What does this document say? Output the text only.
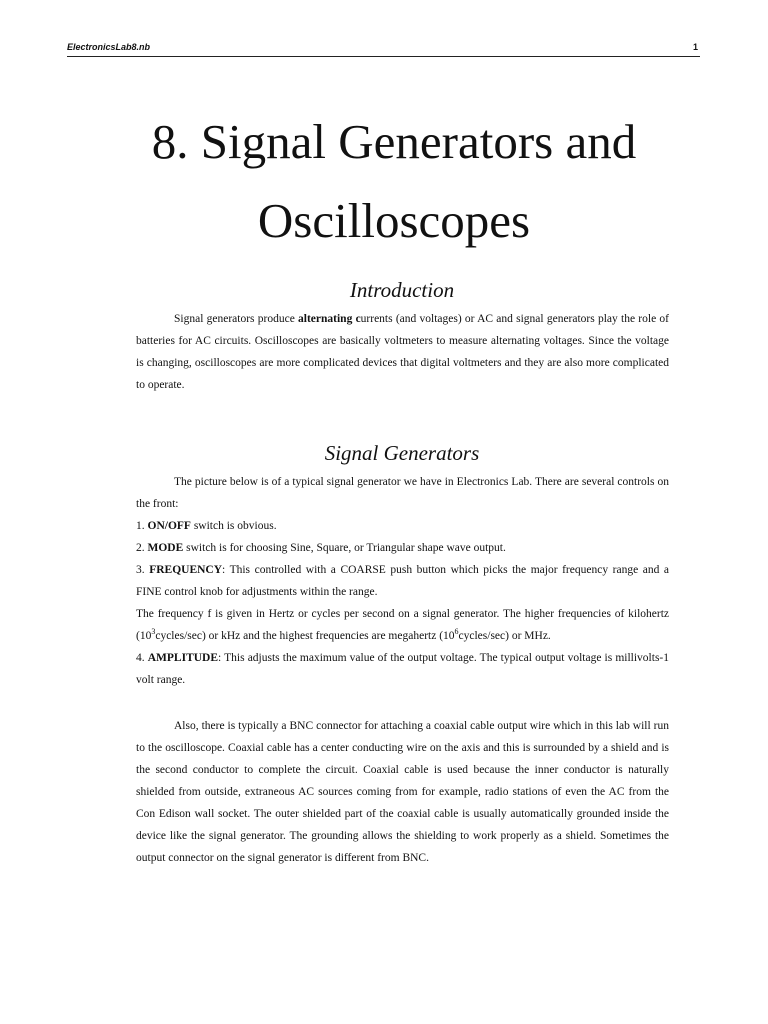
ElectronicsLab8.nb	1
8. Signal Generators and
Oscilloscopes
Introduction

Signal generators produce alternating currents (and voltages) or AC and signal generators play the role of batteries for AC circuits. Oscilloscopes are basically voltmeters to measure alternating voltages. Since the voltage is changing, oscilloscopes are more complicated devices that digital voltmeters and they are also more complicated to operate.

Signal Generators

The picture below is of a typical signal generator we have in Electronics Lab. There are several controls on the front:

1. ON/OFF switch is obvious.

2. MODE switch is for choosing Sine, Square, or Triangular shape wave output.

3. FREQUENCY: This controlled with a COARSE push button which picks the major frequency range and a FINE control knob for adjustments within the range.

The frequency f is given in Hertz or cycles per second on a signal generator. The higher frequencies of kilohertz $(10^3cycles/\sec)$ or kHz and the highest frequencies are megahertz $(10^6cycles/\sec)$ or MHz.

4. AMPLITUDE: This adjusts the maximum value of the output voltage. The typical output voltage is millivolts-1 volt range.

Also, there is typically a BNC connector for attaching a coaxial cable output wire which in this lab will run to the oscilloscope. Coaxial cable has a center conducting wire on the axis and this is surrounded by a shield and is the second conductor to complete the circuit. Coaxial cable is used because the inner conductor is naturally shielded from outside, extraneous AC sources coming from for example, radio stations of even the AC from the Con Edison wall socket. The outer shielded part of the coaxial cable is usually automatically grounded inside the device like the signal generator. The grounding allows the shielding to work properly as a shield. Sometimes the output connector on the signal generator is different from BNC.
